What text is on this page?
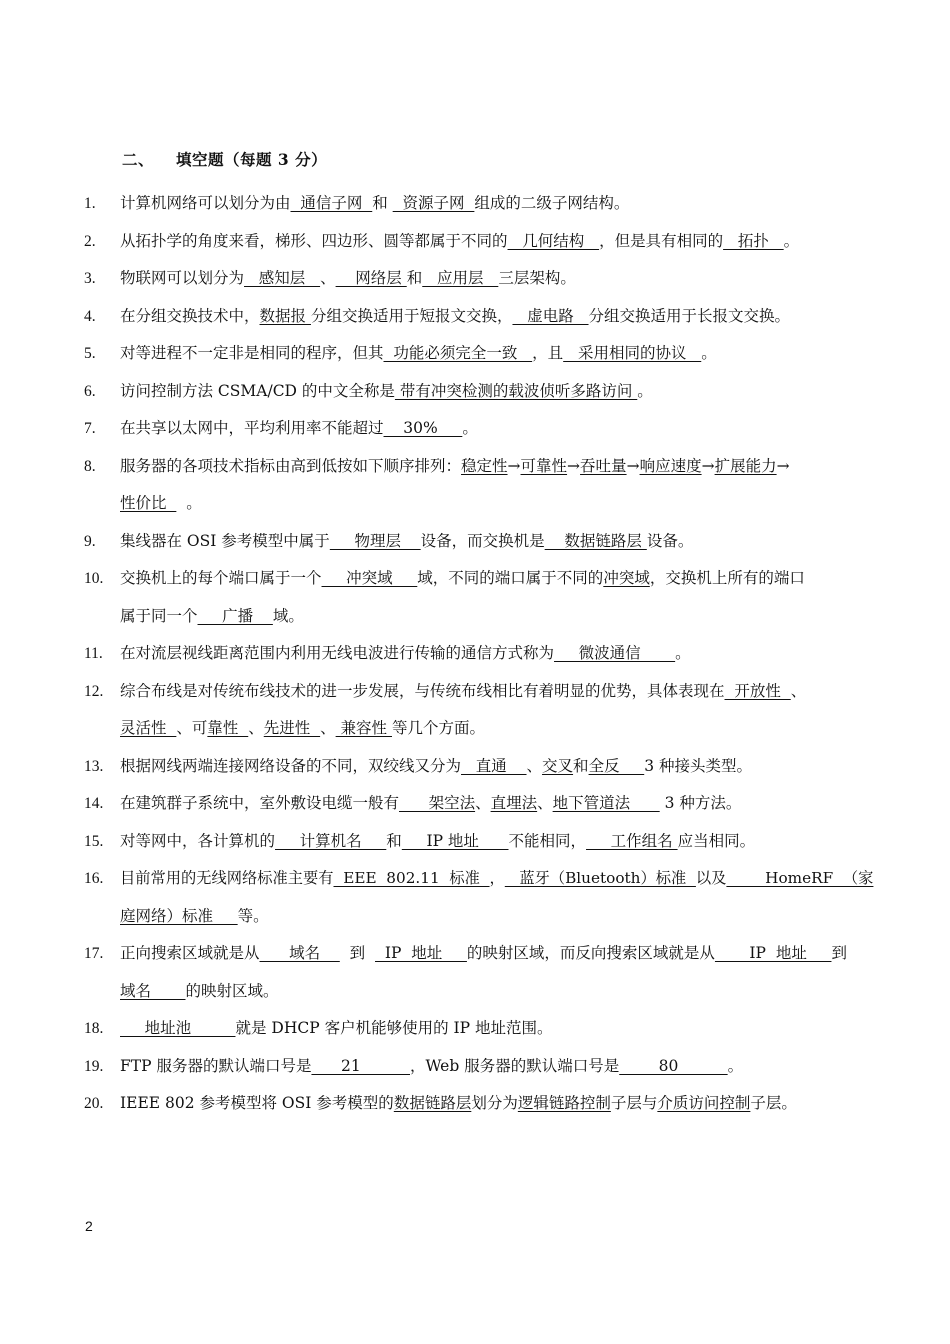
二、 填空题（每题 3 分）
1.	计算机网络可以划分为由  通信子网  和   资源子网  组成的二级子网结构。
2.	从拓扑学的角度来看，梯形、四边形、圆等都属于不同的   几何结构   ，但是具有相同的   拓扑   。
3.	物联网可以划分为   感知层   、    网络层 和   应用层   三层架构。
4.	在分组交换技术中，数据报 分组交换适用于短报文交换，   虚电路   分组交换适用于长报文交换。
5.	对等进程不一定非是相同的程序，但其  功能必须完全一致   ，且   采用相同的协议   。
6.	访问控制方法 CSMA/CD 的中文全称是 带有冲突检测的载波侦听多路访问 。
7.	在共享以太网中，平均利用率不能超过    30%     。
8.	服务器的各项技术指标由高到低按如下顺序排列：稳定性→可靠性→吞吐量→响应速度→扩展能力→
性价比    。
9.	集线器在 OSI 参考模型中属于     物理层    设备，而交换机是    数据链路层 设备。
10.	交换机上的每个端口属于一个     冲突域     域，不同的端口属于不同的冲突域，交换机上所有的端口
属于同一个     广播    域。
11.	在对流层视线距离范围内利用无线电波进行传输的通信方式称为     微波通信       。
12.	综合布线是对传统布线技术的进一步发展，与传统布线相比有着明显的优势，具体表现在  开放性  、
灵活性  、可靠性  、先进性  、 兼容性 等几个方面。
13.	根据网线两端连接网络设备的不同，双绞线又分为   直通    、交叉和全反     3 种接头类型。
14.	在建筑群子系统中，室外敷设电缆一般有      架空法、直埋法、地下管道法       3 种方法。
15.	对等网中，各计算机的     计算机名     和     IP 地址      不能相同，     工作组名 应当相同。
16.	目前常用的无线网络标准主要有  EEE  802.11  标准  ，   蓝牙（Bluetooth）标准  以及        HomeRF  （家
庭网络）标准     等。
17.	正向搜索区域就是从      域名      到    IP  地址     的映射区域，而反向搜索区域就是从       IP  地址     到
域名       的映射区域。
18.	地址池         就是 DHCP 客户机能够使用的 IP 地址范围。
19.	FTP 服务器的默认端口号是      21          ，Web 服务器的默认端口号是        80          。
20.	IEEE 802 参考模型将 OSI 参考模型的数据链路层划分为逻辑链路控制子层与介质访问控制子层。
2
